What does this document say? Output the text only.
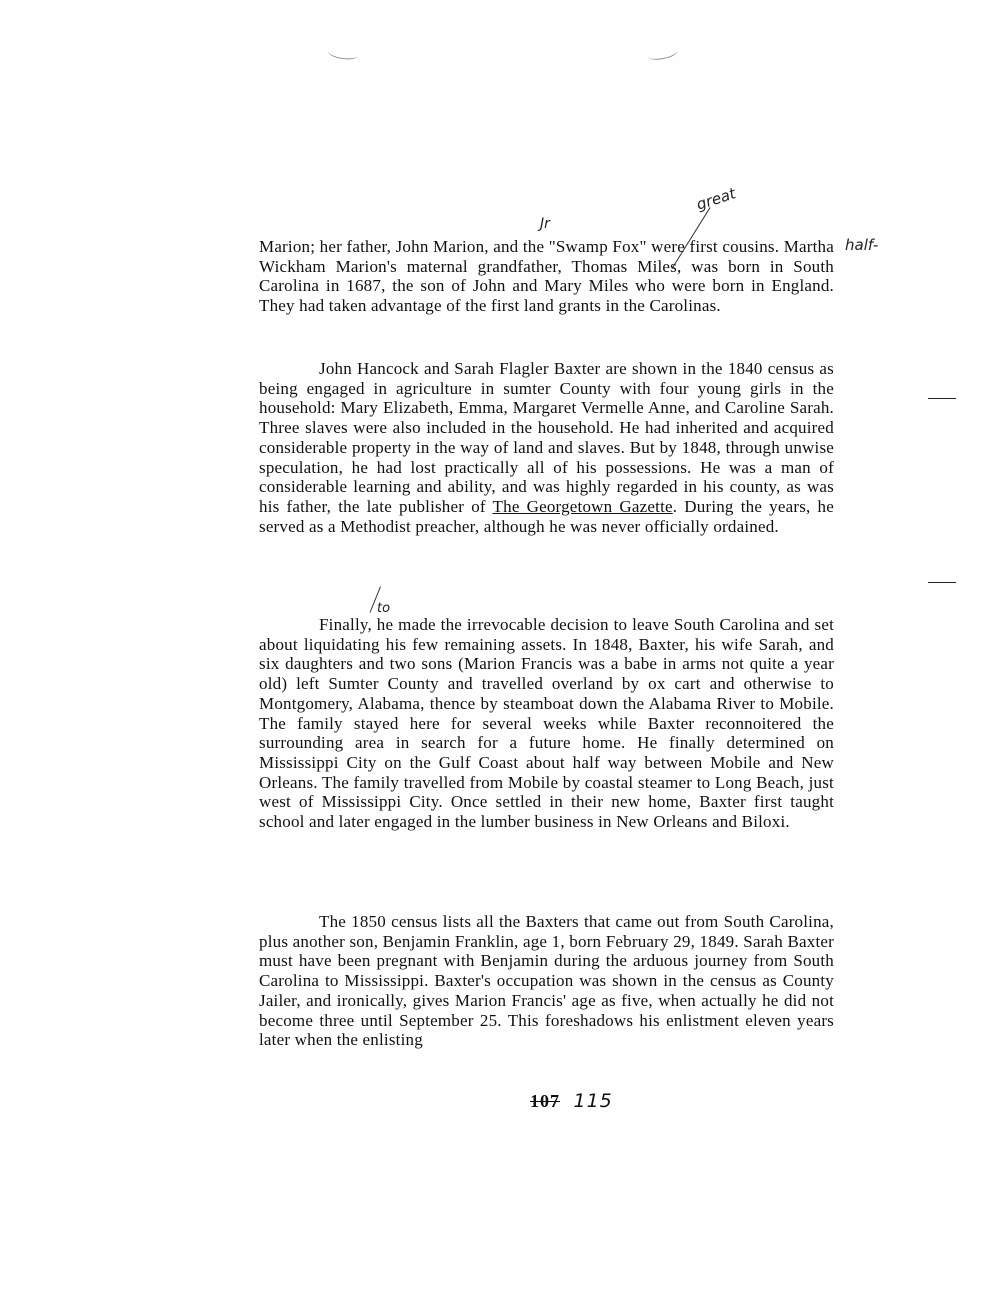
great
Jr
half-
to

Marion; her father, John Marion, and the "Swamp Fox" were first cousins. Martha Wickham Marion's maternal grandfather, Thomas Miles, was born in South Carolina in 1687, the son of John and Mary Miles who were born in England. They had taken advantage of the first land grants in the Carolinas.

John Hancock and Sarah Flagler Baxter are shown in the 1840 census as being engaged in agriculture in sumter County with four young girls in the household: Mary Elizabeth, Emma, Margaret Vermelle Anne, and Caroline Sarah. Three slaves were also included in the household. He had inherited and acquired considerable property in the way of land and slaves. But by 1848, through unwise speculation, he had lost practically all of his possessions. He was a man of considerable learning and ability, and was highly regarded in his county, as was his father, the late publisher of The Georgetown Gazette. During the years, he served as a Methodist preacher, although he was never officially ordained.

Finally, he made the irrevocable decision to leave South Carolina and set about liquidating his few remaining assets. In 1848, Baxter, his wife Sarah, and six daughters and two sons (Marion Francis was a babe in arms not quite a year old) left Sumter County and travelled overland by ox cart and otherwise to Montgomery, Alabama, thence by steamboat down the Alabama River to Mobile. The family stayed here for several weeks while Baxter reconnoitered the surrounding area in search for a future home. He finally determined on Mississippi City on the Gulf Coast about half way between Mobile and New Orleans. The family travelled from Mobile by coastal steamer to Long Beach, just west of Mississippi City. Once settled in their new home, Baxter first taught school and later engaged in the lumber business in New Orleans and Biloxi.

The 1850 census lists all the Baxters that came out from South Carolina, plus another son, Benjamin Franklin, age 1, born February 29, 1849. Sarah Baxter must have been pregnant with Benjamin during the arduous journey from South Carolina to Mississippi. Baxter's occupation was shown in the census as County Jailer, and ironically, gives Marion Francis' age as five, when actually he did not become three until September 25. This foreshadows his enlistment eleven years later when the enlisting

107 115
